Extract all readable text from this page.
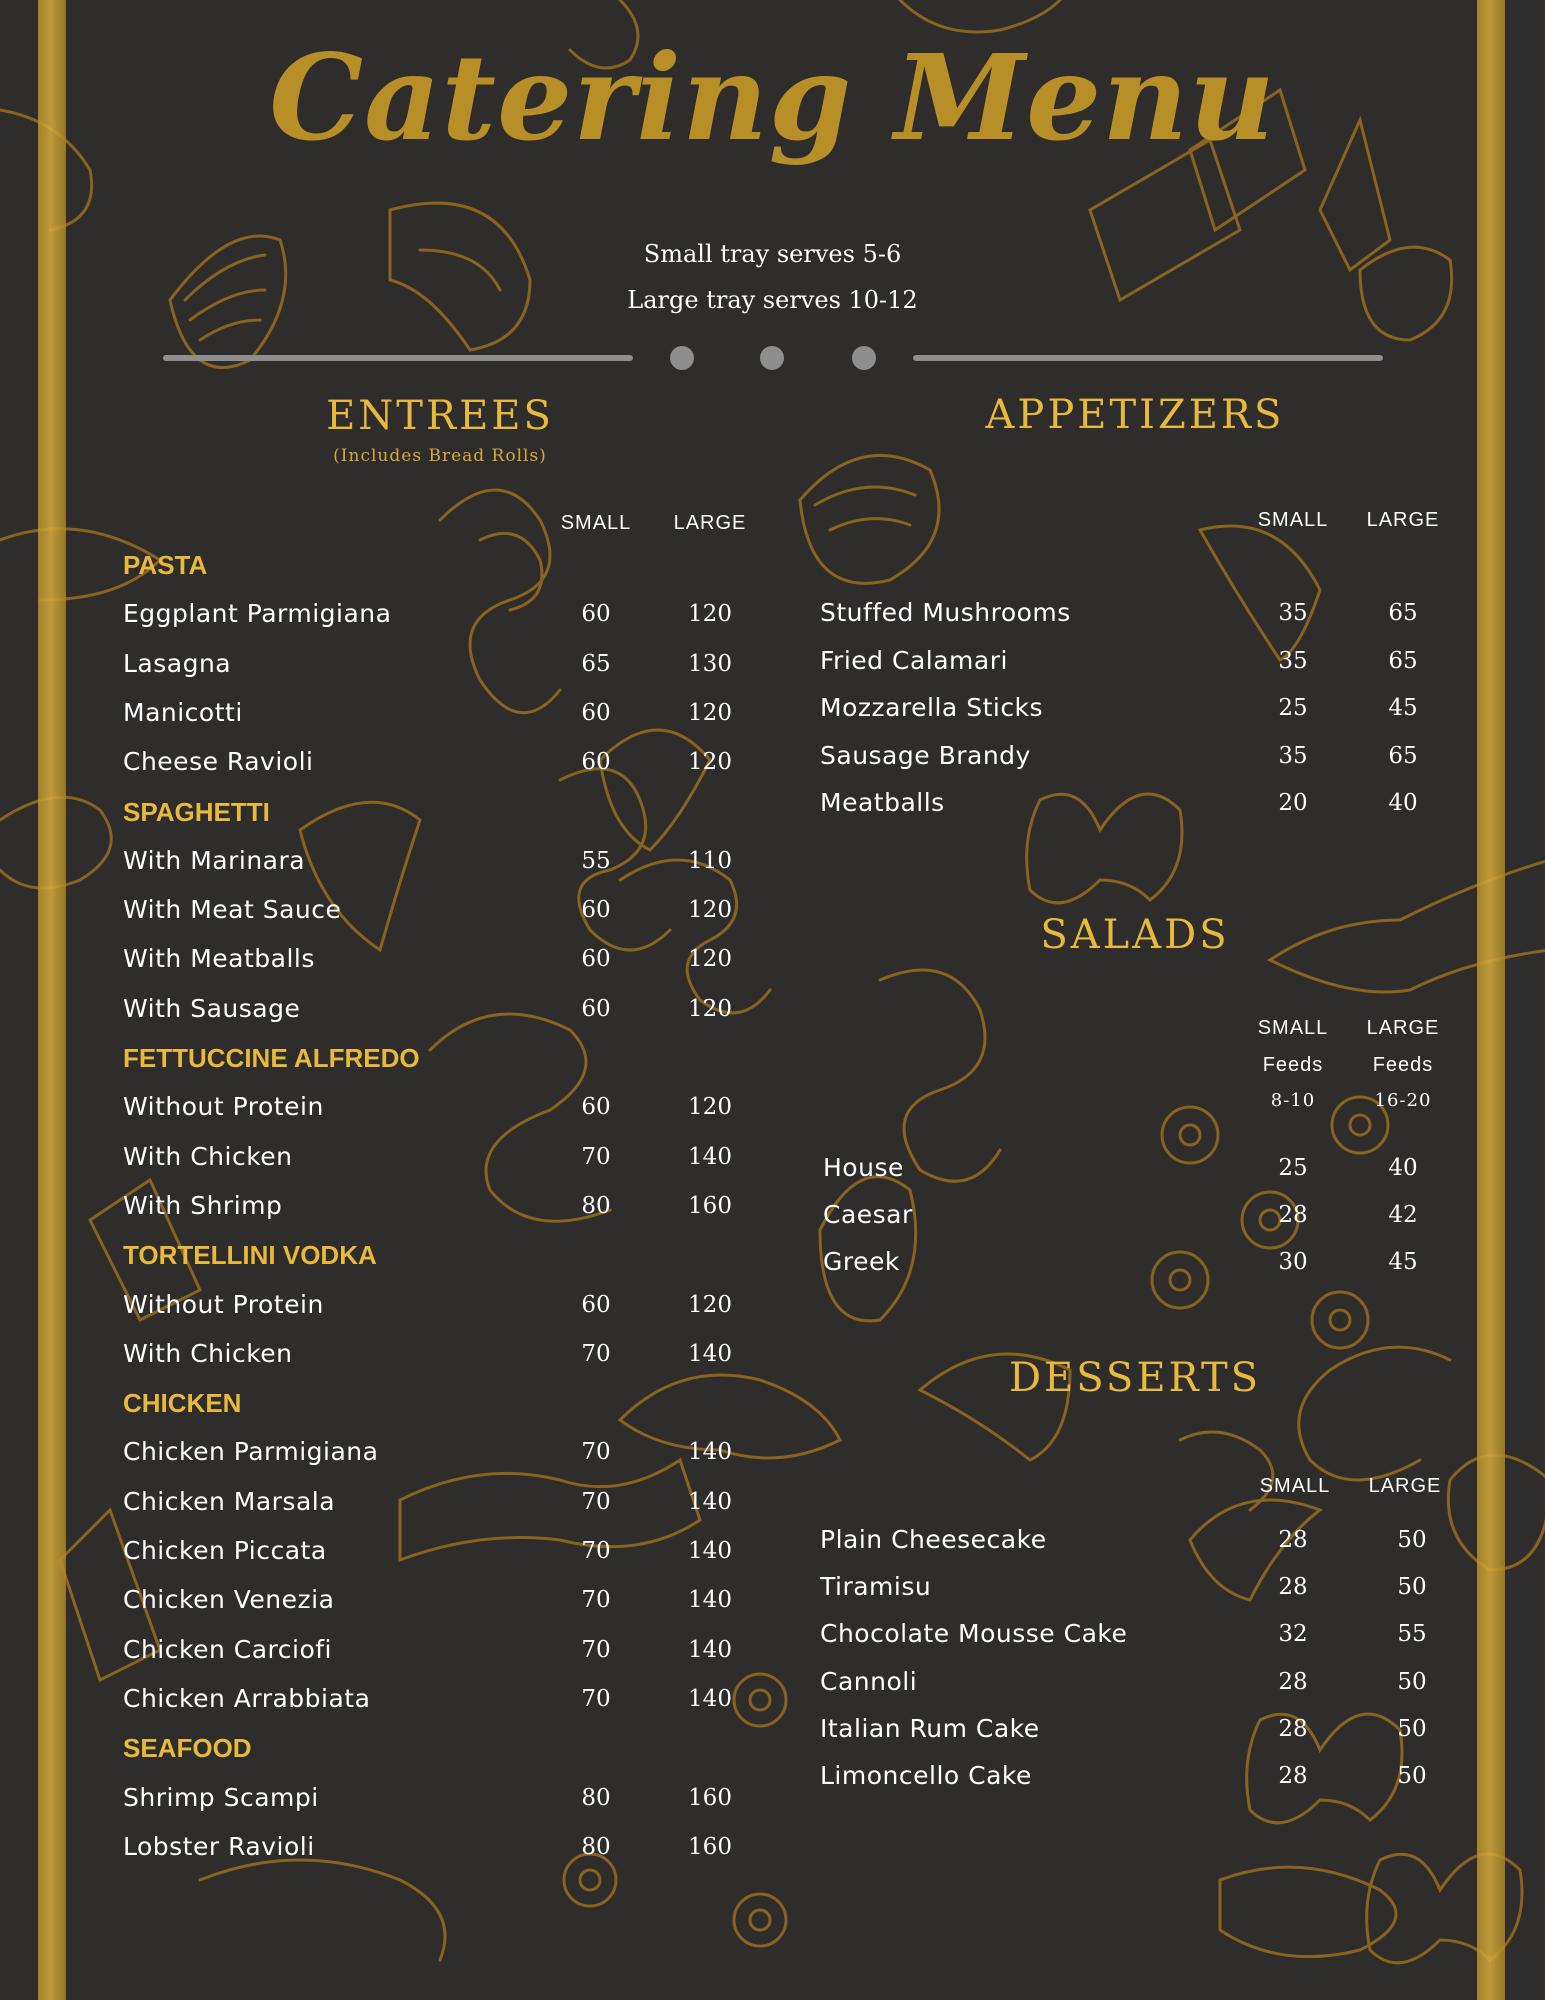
Catering Menu
Small tray serves 5-6
Large tray serves 10-12
ENTREES
(Includes Bread Rolls)
SMALL	LARGE
PASTA
Eggplant Parmigiana	60	120
Lasagna	65	130
Manicotti	60	120
Cheese Ravioli	60	120
SPAGHETTI
With Marinara	55	110
With Meat Sauce	60	120
With Meatballs	60	120
With Sausage	60	120
FETTUCCINE ALFREDO
Without Protein	60	120
With Chicken	70	140
With Shrimp	80	160
TORTELLINI VODKA
Without Protein	60	120
With Chicken	70	140
CHICKEN
Chicken Parmigiana	70	140
Chicken Marsala	70	140
Chicken Piccata	70	140
Chicken Venezia	70	140
Chicken Carciofi	70	140
Chicken Arrabbiata	70	140
SEAFOOD
Shrimp Scampi	80	160
Lobster Ravioli	80	160
APPETIZERS
SMALL	LARGE
Stuffed Mushrooms	35	65
Fried Calamari	35	65
Mozzarella Sticks	25	45
Sausage Brandy	35	65
Meatballs	20	40
SALADS
SMALL	LARGE
Feeds	Feeds
8-10	16-20
House	25	40
Caesar	28	42
Greek	30	45
DESSERTS
SMALL	LARGE
Plain Cheesecake	28	50
Tiramisu	28	50
Chocolate Mousse Cake	32	55
Cannoli	28	50
Italian Rum Cake	28	50
Limoncello Cake	28	50
